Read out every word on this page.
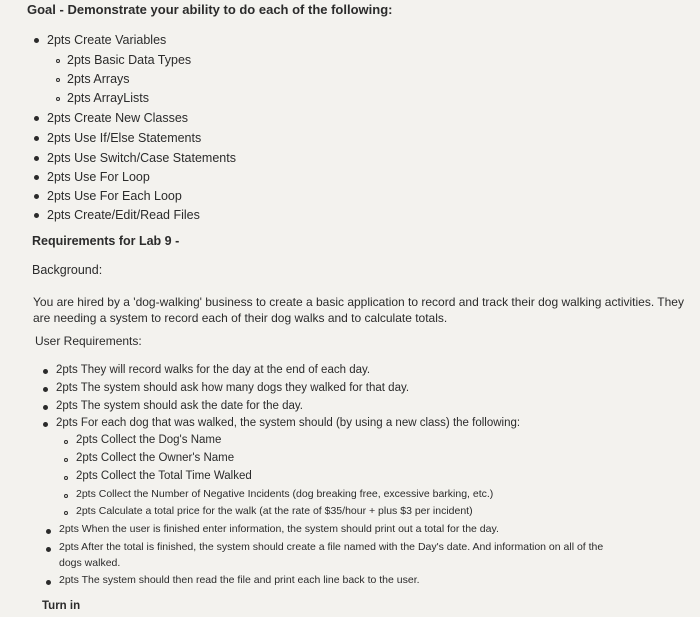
Goal - Demonstrate your ability to do each of the following:
2pts Create Variables
2pts Basic Data Types
2pts Arrays
2pts ArrayLists
2pts Create New Classes
2pts Use If/Else Statements
2pts Use Switch/Case Statements
2pts Use For Loop
2pts Use For Each Loop
2pts Create/Edit/Read Files
Requirements for Lab 9 -
Background:
You are hired by a 'dog-walking' business to create a basic application to record and track their dog walking activities. They
are needing a system to record each of their dog walks and to calculate totals.
User Requirements:
2pts They will record walks for the day at the end of each day.
2pts The system should ask how many dogs they walked for that day.
2pts The system should ask the date for the day.
2pts For each dog that was walked, the system should (by using a new class) the following:
2pts Collect the Dog's Name
2pts Collect the Owner's Name
2pts Collect the Total Time Walked
2pts Collect the Number of Negative Incidents (dog breaking free, excessive barking, etc.)
2pts Calculate a total price for the walk (at the rate of $35/hour + plus $3 per incident)
2pts When the user is finished enter information, the system should print out a total for the day.
2pts After the total is finished, the system should create a file named with the Day's date. And information on all of the
dogs walked.
2pts The system should then read the file and print each line back to the user.
Turn in
